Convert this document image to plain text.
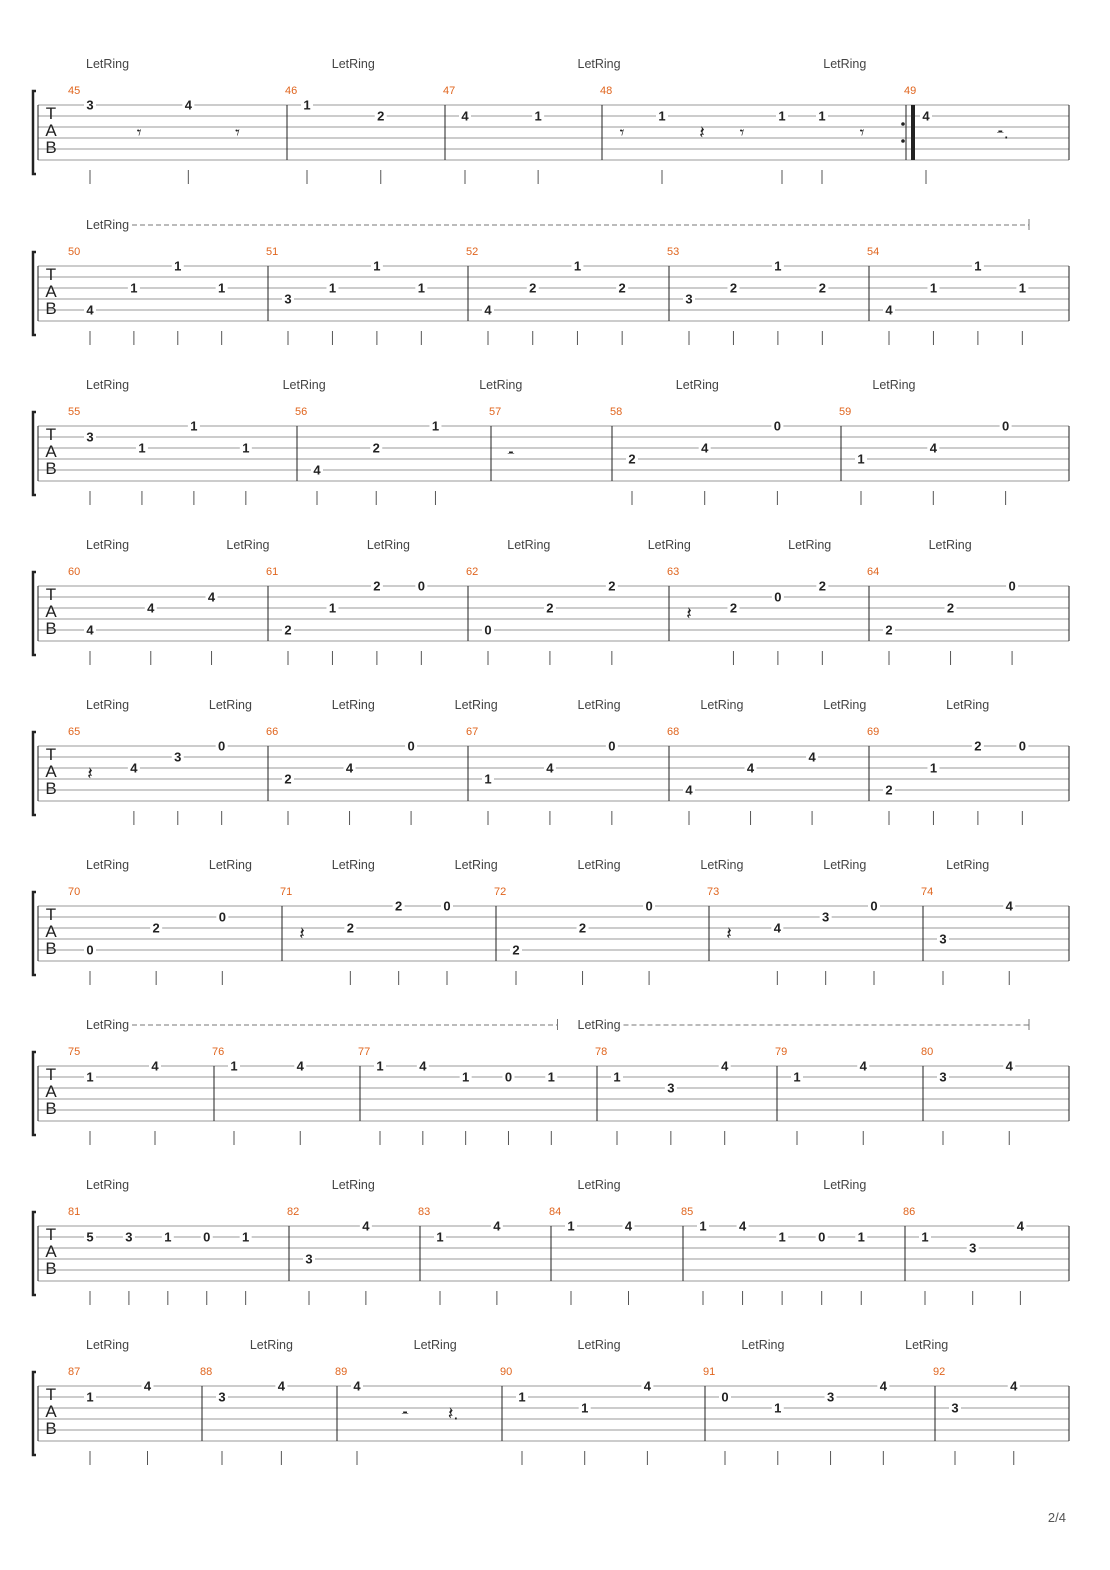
T
A
B
LetRing	LetRing	LetRing	LetRing
45
3
𝄾
4
𝄾
46
1
2
47
4	1
48
𝄾
1
𝄽 𝄾
1	1
𝄾
49
4
𝄼.
T
A
B
LetRing
50
4
1
1
1
51
3
1
1
1
52
4
2
1
2
53
3
2
1
2
54
4
1
1
1
T
A
B
LetRing	LetRing	LetRing	LetRing	LetRing
55
3
1
1
1
56
4
2
1
57
𝄼
58
2
4
0
59
1
4
0
T
A
B
LetRing	LetRing	LetRing	LetRing	LetRing	LetRing	LetRing
60
4
4
4
61
2
1
2	0
62
0
2
2
63
𝄽	2
0
2
64
2
2
0
T
A
B
LetRing	LetRing	LetRing	LetRing	LetRing	LetRing	LetRing	LetRing
65
𝄽	4
3
0
66
2
4
0
67
1
4
0
68
4
4
4
69
2
1
2	0
T
A
B
LetRing	LetRing	LetRing	LetRing	LetRing	LetRing	LetRing	LetRing
70
0
2
0
71
𝄽	2
2	0
72
2
2
0
73
𝄽	4
3
0
74
3
4
T
A
B
LetRing	LetRing
75
1
4
76
1	4
77
1	4
1	0	1
78
1
3
4
79
1
4
80
3
4
T
A
B
LetRing	LetRing	LetRing	LetRing
81
5 3 1 0 1
82
3
4
83
1
4
84
1	4
85
1 4
1 0 1
86
1
3
4
T
A
B
LetRing	LetRing	LetRing	LetRing	LetRing	LetRing
87
1
4
88
3
4
89
4
𝄼 𝄽.
90
1
1
4
91
0
1
3
4
92
3
4
2/4
